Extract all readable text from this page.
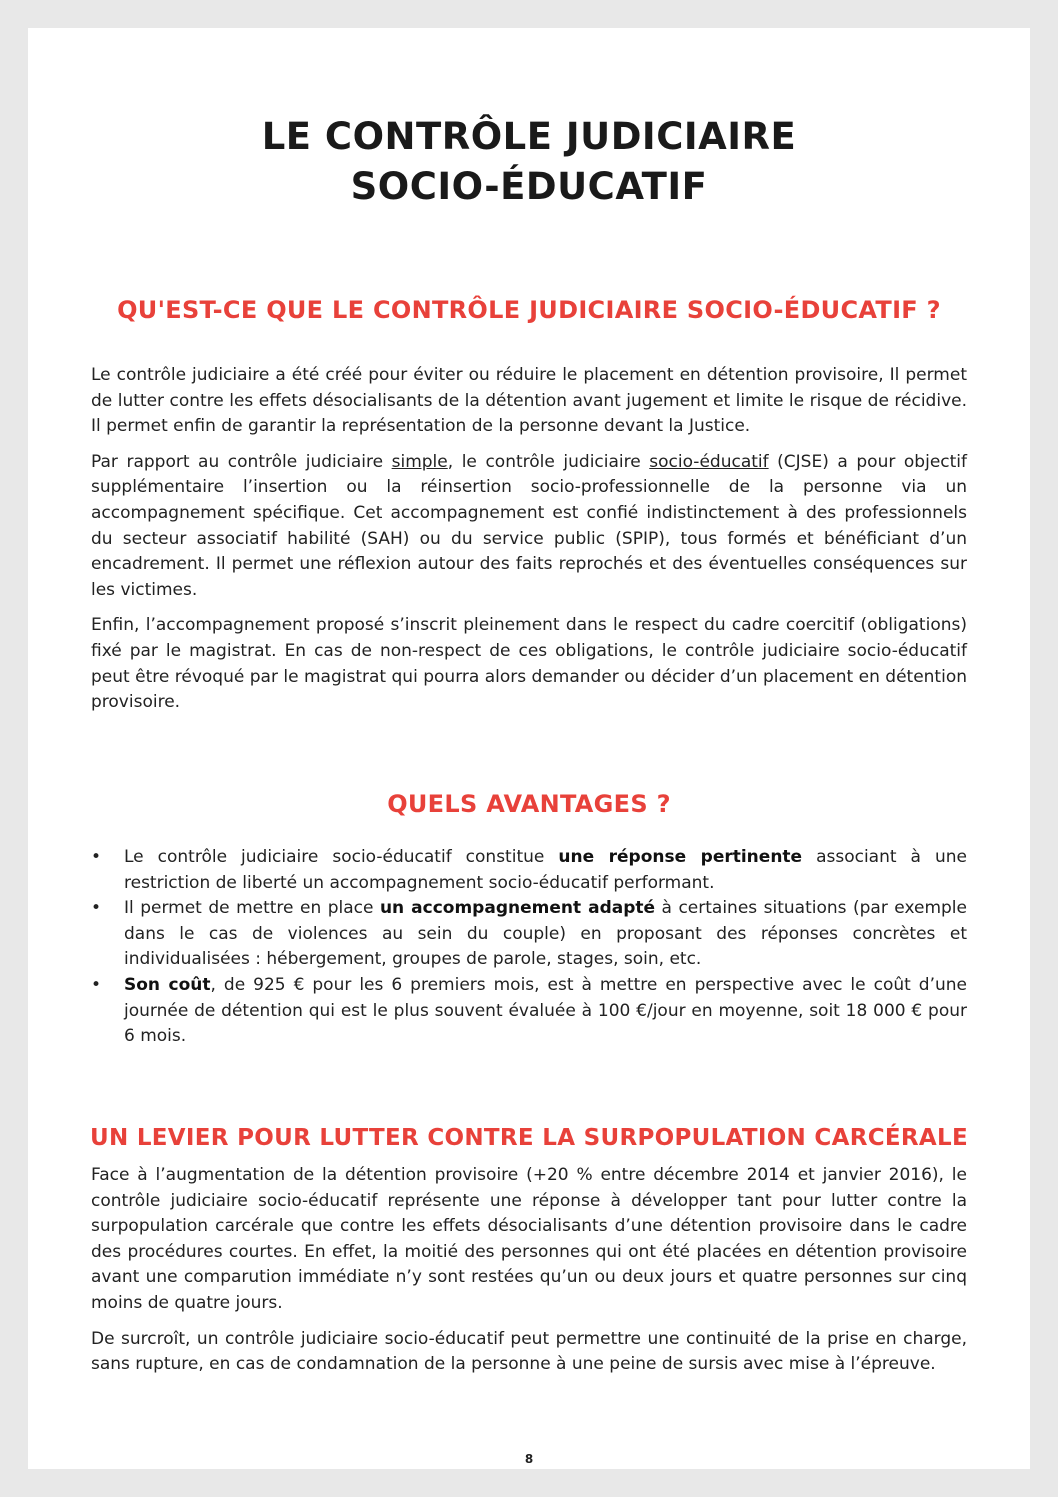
LE CONTRÔLE JUDICIAIRE
SOCIO-ÉDUCATIF
QU'EST-CE QUE LE CONTRÔLE JUDICIAIRE SOCIO-ÉDUCATIF ?

Le contrôle judiciaire a été créé pour éviter ou réduire le placement en détention provisoire, Il permet de lutter contre les effets désocialisants de la détention avant jugement et limite le risque de récidive. Il permet enfin de garantir la représentation de la personne devant la Justice.

Par rapport au contrôle judiciaire simple, le contrôle judiciaire socio-éducatif (CJSE) a pour objectif supplémentaire l’insertion ou la réinsertion socio-professionnelle de la personne via un accompagnement spécifique. Cet accompagnement est confié indistinctement à des professionnels du secteur associatif habilité (SAH) ou du service public (SPIP), tous formés et bénéficiant d’un encadrement. Il permet une réflexion autour des faits reprochés et des éventuelles conséquences sur les victimes.

Enfin, l’accompagnement proposé s’inscrit pleinement dans le respect du cadre coercitif (obligations) fixé par le magistrat. En cas de non-respect de ces obligations, le contrôle judiciaire socio-éducatif peut être révoqué par le magistrat qui pourra alors demander ou décider d’un placement en détention provisoire.

QUELS AVANTAGES ?
• Le contrôle judiciaire socio-éducatif constitue une réponse pertinente associant à une restriction de liberté un accompagnement socio-éducatif performant.
• Il permet de mettre en place un accompagnement adapté à certaines situations (par exemple dans le cas de violences au sein du couple) en proposant des réponses concrètes et individualisées : hébergement, groupes de parole, stages, soin, etc.
• Son coût, de 925 € pour les 6 premiers mois, est à mettre en perspective avec le coût d’une journée de détention qui est le plus souvent évaluée à 100 €/jour en moyenne, soit 18 000 € pour 6 mois.
UN LEVIER POUR LUTTER CONTRE LA SURPOPULATION CARCÉRALE

Face à l’augmentation de la détention provisoire (+20 % entre décembre 2014 et janvier 2016), le contrôle judiciaire socio-éducatif représente une réponse à développer tant pour lutter contre la surpopulation carcérale que contre les effets désocialisants d’une détention provisoire dans le cadre des procédures courtes. En effet, la moitié des personnes qui ont été placées en détention provisoire avant une comparution immédiate n’y sont restées qu’un ou deux jours et quatre personnes sur cinq moins de quatre jours.

De surcroît, un contrôle judiciaire socio-éducatif peut permettre une continuité de la prise en charge, sans rupture, en cas de condamnation de la personne à une peine de sursis avec mise à l’épreuve.

8
